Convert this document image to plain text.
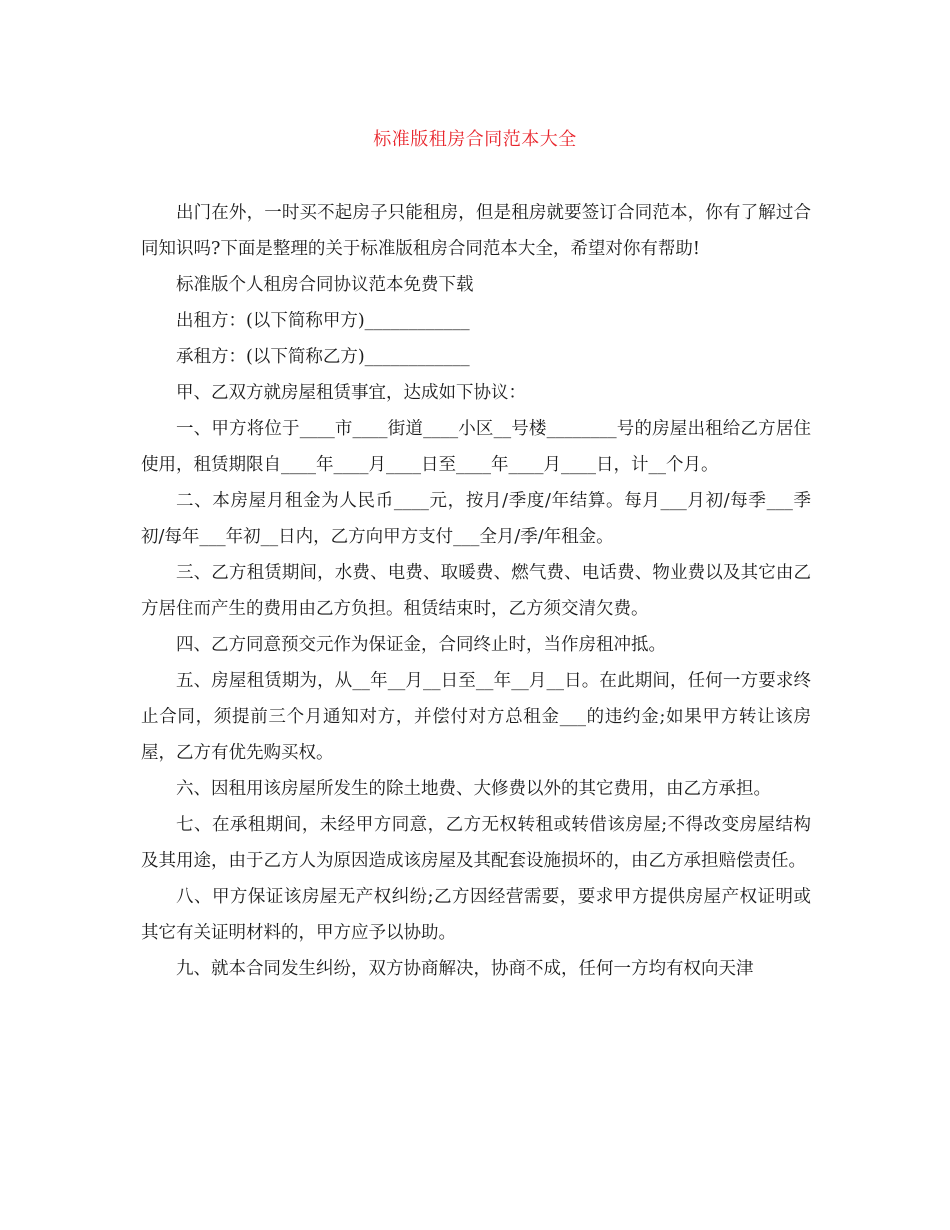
标准版租房合同范本大全

出门在外，一时买不起房子只能租房，但是租房就要签订合同范本，你有了解过合同知识吗?下面是整理的关于标准版租房合同范本大全，希望对你有帮助!

标准版个人租房合同协议范本免费下载

出租方：(以下简称甲方)____________

承租方：(以下简称乙方)____________

甲、乙双方就房屋租赁事宜，达成如下协议：

一、甲方将位于____市____街道____小区__号楼________号的房屋出租给乙方居住使用，租赁期限自____年____月____日至____年____月____日，计__个月。

二、本房屋月租金为人民币____元，按月/季度/年结算。每月___月初/每季___季初/每年___年初__日内，乙方向甲方支付___全月/季/年租金。

三、乙方租赁期间，水费、电费、取暖费、燃气费、电话费、物业费以及其它由乙方居住而产生的费用由乙方负担。租赁结束时，乙方须交清欠费。

四、乙方同意预交元作为保证金，合同终止时，当作房租冲抵。

五、房屋租赁期为，从__年__月__日至__年__月__日。在此期间，任何一方要求终止合同，须提前三个月通知对方，并偿付对方总租金___的违约金;如果甲方转让该房屋，乙方有优先购买权。

六、因租用该房屋所发生的除土地费、大修费以外的其它费用，由乙方承担。

七、在承租期间，未经甲方同意，乙方无权转租或转借该房屋;不得改变房屋结构及其用途，由于乙方人为原因造成该房屋及其配套设施损坏的，由乙方承担赔偿责任。

八、甲方保证该房屋无产权纠纷;乙方因经营需要，要求甲方提供房屋产权证明或其它有关证明材料的，甲方应予以协助。

九、就本合同发生纠纷，双方协商解决，协商不成，任何一方均有权向天津
